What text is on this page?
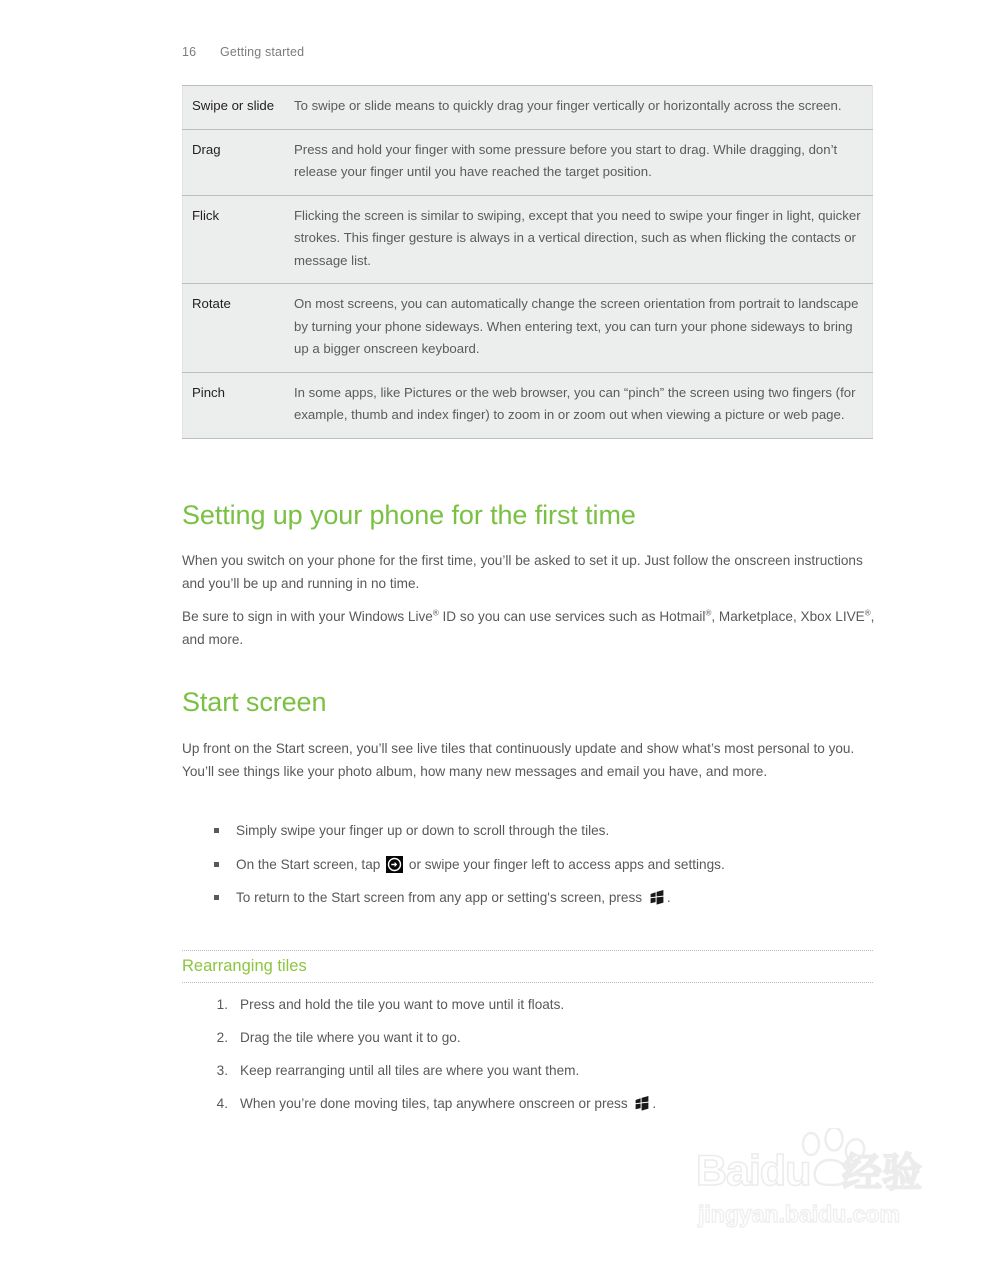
16 Getting started
Swipe or slide	To swipe or slide means to quickly drag your finger vertically or horizontally across the screen.
Drag	Press and hold your finger with some pressure before you start to drag. While dragging, don’t release your finger until you have reached the target position.
Flick	Flicking the screen is similar to swiping, except that you need to swipe your finger in light, quicker strokes. This finger gesture is always in a vertical direction, such as when flicking the contacts or message list.
Rotate	On most screens, you can automatically change the screen orientation from portrait to landscape by turning your phone sideways. When entering text, you can turn your phone sideways to bring up a bigger onscreen keyboard.
Pinch	In some apps, like Pictures or the web browser, you can “pinch” the screen using two fingers (for example, thumb and index finger) to zoom in or zoom out when viewing a picture or web page.
Setting up your phone for the first time

When you switch on your phone for the first time, you’ll be asked to set it up. Just follow the onscreen instructions and you’ll be up and running in no time.

Be sure to sign in with your Windows Live® ID so you can use services such as Hotmail®, Marketplace, Xbox LIVE®, and more.

Start screen

Up front on the Start screen, you’ll see live tiles that continuously update and show what’s most personal to you. You’ll see things like your photo album, how many new messages and email you have, and more.

Simply swipe your finger up or down to scroll through the tiles.
On the Start screen, tap
or swipe your finger left to access apps and settings.
To return to the Start screen from any app or setting's screen, press
.
Rearranging tiles
1. Press and hold the tile you want to move until it floats.
2. Drag the tile where you want it to go.
3. Keep rearranging until all tiles are where you want them.
4. When you’re done moving tiles, tap anywhere onscreen or press
.
Baidu 经验
jingyan.baidu.com
